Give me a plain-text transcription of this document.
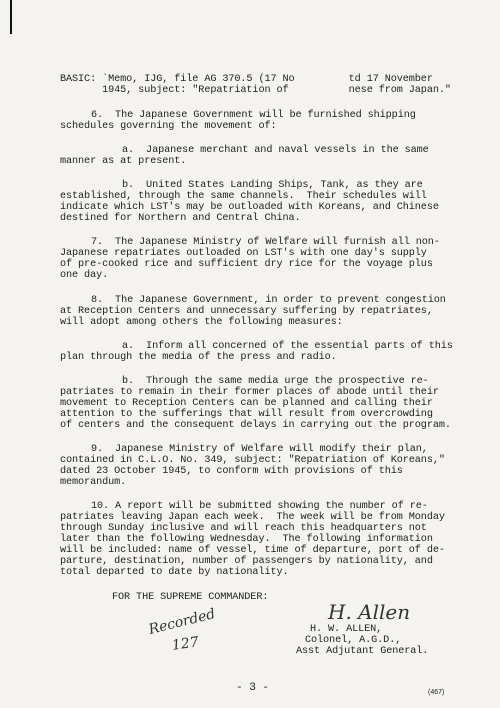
BASIC: `Memo, IJG, file AG 370.5 (17 No         td 17 November
1945, subject: "Repatriation of          nese from Japan."
6.  The Japanese Government will be furnished shipping
schedules governing the movement of:
a.  Japanese merchant and naval vessels in the same
manner as at present.
b.  United States Landing Ships, Tank, as they are
established, through the same channels.  Their schedules will
indicate which LST's may be outloaded with Koreans, and Chinese
destined for Northern and Central China.
7.  The Japanese Ministry of Welfare will furnish all non-
Japanese repatriates outloaded on LST's with one day's supply
of pre-cooked rice and sufficient dry rice for the voyage plus
one day.
8.  The Japanese Government, in order to prevent congestion
at Reception Centers and unnecessary suffering by repatriates,
will adopt among others the following measures:
a.  Inform all concerned of the essential parts of this
plan through the media of the press and radio.
b.  Through the same media urge the prospective re-
patriates to remain in their former places of abode until their
movement to Reception Centers can be planned and calling their
attention to the sufferings that will result from overcrowding
of centers and the consequent delays in carrying out the program.
9.  Japanese Ministry of Welfare will modify their plan,
contained in C.L.O. No. 349, subject: "Repatriation of Koreans,"
dated 23 October 1945, to conform with provisions of this
memorandum.
10. A report will be submitted showing the number of re-
patriates leaving Japan each week.  The week will be from Monday
through Sunday inclusive and will reach this headquarters not
later than the following Wednesday.  The following information
will be included: name of vessel, time of departure, port of de-
parture, destination, number of passengers by nationality, and
total departed to date by nationality.
FOR THE SUPREME COMMANDER:
H. W. ALLEN,
Colonel, A.G.D.,
Asst Adjutant General.
H. Allen
Recorded
127
- 3 -	(467)
